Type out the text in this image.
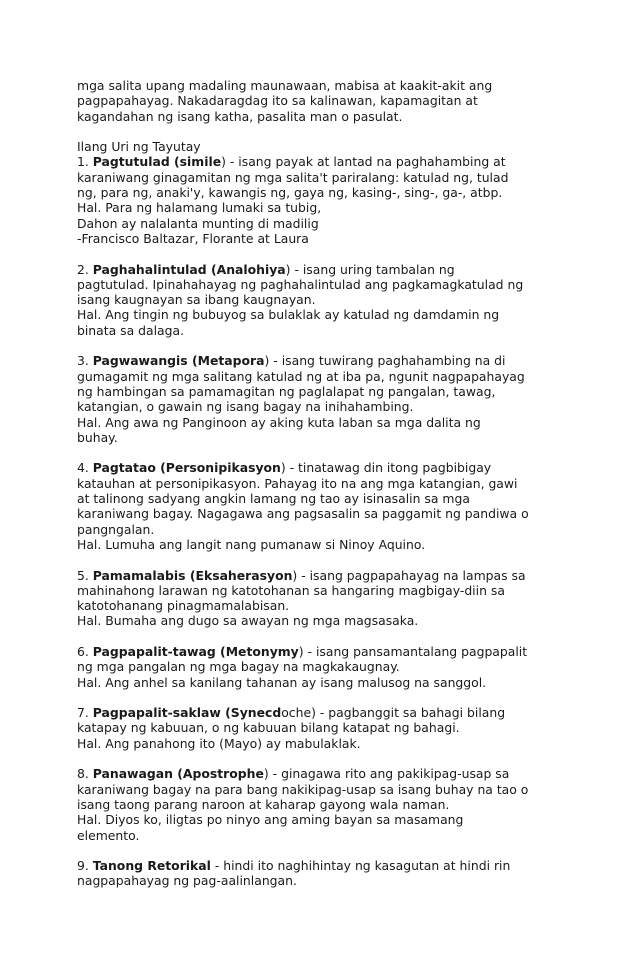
mga salita upang madaling maunawaan, mabisa at kaakit-akit ang
pagpapahayag. Nakadaragdag ito sa kalinawan, kapamagitan at
kagandahan ng isang katha, pasalita man o pasulat.
Ilang Uri ng Tayutay
1. Pagtutulad (simile) - isang payak at lantad na paghahambing at
karaniwang ginagamitan ng mga salita't pariralang: katulad ng, tulad
ng, para ng, anaki'y, kawangis ng, gaya ng, kasing-, sing-, ga-, atbp.
Hal. Para ng halamang lumaki sa tubig,
Dahon ay nalalanta munting di madilig
-Francisco Baltazar, Florante at Laura
2. Paghahalintulad (Analohiya) - isang uring tambalan ng
pagtutulad. Ipinahahayag ng paghahalintulad ang pagkamagkatulad ng
isang kaugnayan sa ibang kaugnayan.
Hal. Ang tingin ng bubuyog sa bulaklak ay katulad ng damdamin ng
binata sa dalaga.
3. Pagwawangis (Metapora) - isang tuwirang paghahambing na di
gumagamit ng mga salitang katulad ng at iba pa, ngunit nagpapahayag
ng hambingan sa pamamagitan ng paglalapat ng pangalan, tawag,
katangian, o gawain ng isang bagay na inihahambing.
Hal. Ang awa ng Panginoon ay aking kuta laban sa mga dalita ng
buhay.
4. Pagtatao (Personipikasyon) - tinatawag din itong pagbibigay
katauhan at personipikasyon. Pahayag ito na ang mga katangian, gawi
at talinong sadyang angkin lamang ng tao ay isinasalin sa mga
karaniwang bagay. Nagagawa ang pagsasalin sa paggamit ng pandiwa o
pangngalan.
Hal. Lumuha ang langit nang pumanaw si Ninoy Aquino.
5. Pamamalabis (Eksaherasyon) - isang pagpapahayag na lampas sa
mahinahong larawan ng katotohanan sa hangaring magbigay-diin sa
katotohanang pinagmamalabisan.
Hal. Bumaha ang dugo sa awayan ng mga magsasaka.
6. Pagpapalit-tawag (Metonymy) - isang pansamantalang pagpapalit
ng mga pangalan ng mga bagay na magkakaugnay.
Hal. Ang anhel sa kanilang tahanan ay isang malusog na sanggol.
7. Pagpapalit-saklaw (Synecdoche) - pagbanggit sa bahagi bilang
katapay ng kabuuan, o ng kabuuan bilang katapat ng bahagi.
Hal. Ang panahong ito (Mayo) ay mabulaklak.
8. Panawagan (Apostrophe) - ginagawa rito ang pakikipag-usap sa
karaniwang bagay na para bang nakikipag-usap sa isang buhay na tao o
isang taong parang naroon at kaharap gayong wala naman.
Hal. Diyos ko, iligtas po ninyo ang aming bayan sa masamang
elemento.
9. Tanong Retorikal - hindi ito naghihintay ng kasagutan at hindi rin
nagpapahayag ng pag-aalinlangan.
